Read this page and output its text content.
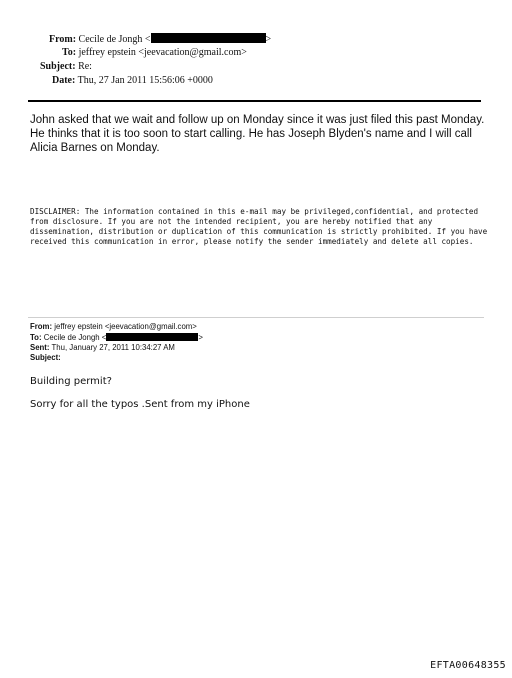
From: Cecile de Jongh <	>
To: jeffrey epstein <jeevacation@gmail.com>
Subject: Re:
Date: Thu, 27 Jan 2011 15:56:06 +0000

John asked that we wait and follow up on Monday since it was just filed this past Monday. He thinks that it is too soon to start calling. He has Joseph Blyden's name and I will call Alicia Barnes on Monday.

DISCLAIMER: The information contained in this e-mail may be privileged,confidential, and protected from disclosure. If you are not the intended recipient, you are hereby notified that any dissemination, distribution or duplication of this communication is strictly prohibited. If you have received this communication in error, please notify the sender immediately and delete all copies.

From: jeffrey epstein <jeevacation@gmail.com>
To: Cecile de Jongh <	>
Sent: Thu, January 27, 2011 10:34:27 AM
Subject:

Building permit?

Sorry for all the typos .Sent from my iPhone

EFTA00648355
